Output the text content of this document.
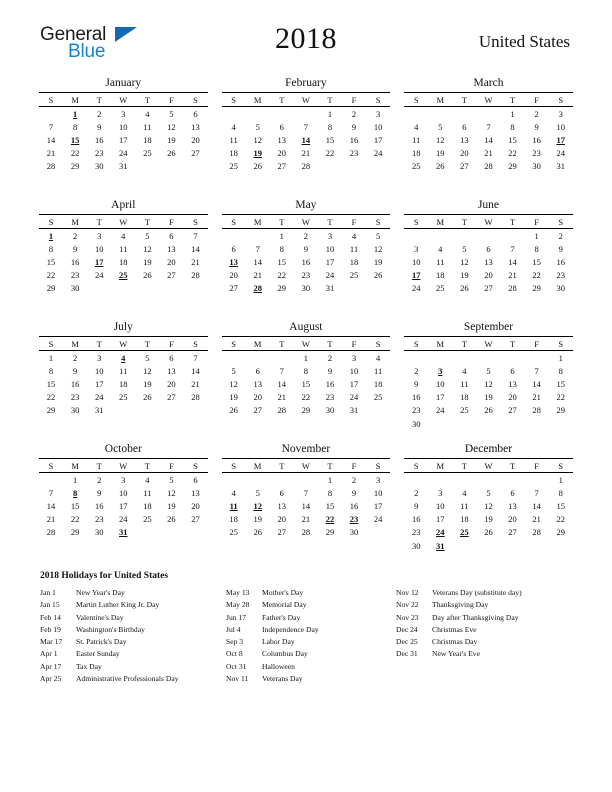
General
Blue	2018	United States
January
S	M	T	W	T	F	S
	1	2	3	4	5	6
7	8	9	10	11	12	13
14	15	16	17	18	19	20
21	22	23	24	25	26	27
28	29	30	31			
February
S	M	T	W	T	F	S
				1	2	3
4	5	6	7	8	9	10
11	12	13	14	15	16	17
18	19	20	21	22	23	24
25	26	27	28			
March
S	M	T	W	T	F	S
				1	2	3
4	5	6	7	8	9	10
11	12	13	14	15	16	17
18	19	20	21	22	23	24
25	26	27	28	29	30	31
April
S	M	T	W	T	F	S
1	2	3	4	5	6	7
8	9	10	11	12	13	14
15	16	17	18	19	20	21
22	23	24	25	26	27	28
29	30					
May
S	M	T	W	T	F	S
		1	2	3	4	5
6	7	8	9	10	11	12
13	14	15	16	17	18	19
20	21	22	23	24	25	26
27	28	29	30	31		
June
S	M	T	W	T	F	S
					1	2
3	4	5	6	7	8	9
10	11	12	13	14	15	16
17	18	19	20	21	22	23
24	25	26	27	28	29	30
July
S	M	T	W	T	F	S
1	2	3	4	5	6	7
8	9	10	11	12	13	14
15	16	17	18	19	20	21
22	23	24	25	26	27	28
29	30	31				
August
S	M	T	W	T	F	S
			1	2	3	4
5	6	7	8	9	10	11
12	13	14	15	16	17	18
19	20	21	22	23	24	25
26	27	28	29	30	31	
September
S	M	T	W	T	F	S
						1
2	3	4	5	6	7	8
9	10	11	12	13	14	15
16	17	18	19	20	21	22
23	24	25	26	27	28	29
30						
October
S	M	T	W	T	F	S
	1	2	3	4	5	6
7	8	9	10	11	12	13
14	15	16	17	18	19	20
21	22	23	24	25	26	27
28	29	30	31			
November
S	M	T	W	T	F	S
				1	2	3
4	5	6	7	8	9	10
11	12	13	14	15	16	17
18	19	20	21	22	23	24
25	26	27	28	29	30	
December
S	M	T	W	T	F	S
						1
2	3	4	5	6	7	8
9	10	11	12	13	14	15
16	17	18	19	20	21	22
23	24	25	26	27	28	29
30	31					
2018 Holidays for United States
Jan 1	New Year's Day
Jan 15	Martin Luther King Jr. Day
Feb 14	Valentine's Day
Feb 19	Washington's Birthday
Mar 17	St. Patrick's Day
Apr 1	Easter Sunday
Apr 17	Tax Day
Apr 25	Administrative Professionals Day
May 13	Mother's Day
May 28	Memorial Day
Jun 17	Father's Day
Jul 4	Independence Day
Sep 3	Labor Day
Oct 8	Columbus Day
Oct 31	Halloween
Nov 11	Veterans Day
Nov 12	Veterans Day (substitute day)
Nov 22	Thanksgiving Day
Nov 23	Day after Thanksgiving Day
Dec 24	Christmas Eve
Dec 25	Christmas Day
Dec 31	New Year's Eve
